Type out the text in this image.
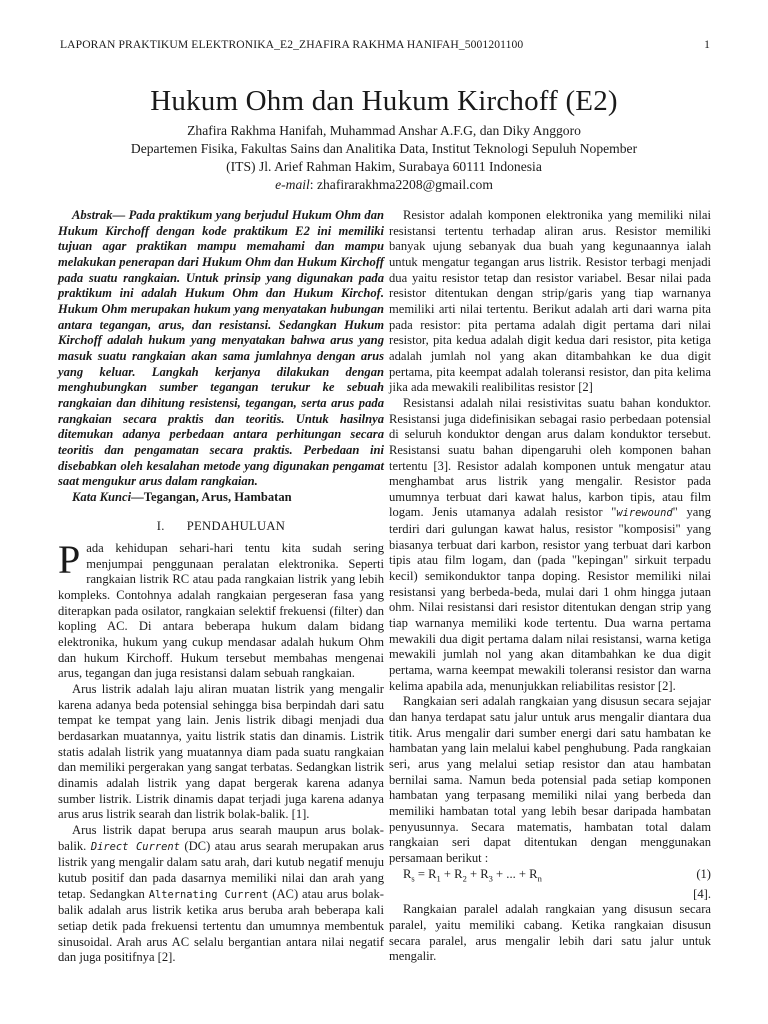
LAPORAN PRAKTIKUM ELEKTRONIKA_E2_ZHAFIRA RAKHMA HANIFAH_5001201100	1
Hukum Ohm dan Hukum Kirchoff (E2)
Zhafira Rakhma Hanifah, Muhammad Anshar A.F.G, dan Diky Anggoro
Departemen Fisika, Fakultas Sains dan Analitika Data, Institut Teknologi Sepuluh Nopember
(ITS) Jl. Arief Rahman Hakim, Surabaya 60111 Indonesia
e-mail: zhafirarakhma2208@gmail.com

Abstrak— Pada praktikum yang berjudul Hukum Ohm dan Hukum Kirchoff dengan kode praktikum E2 ini memiliki tujuan agar praktikan mampu memahami dan mampu melakukan penerapan dari Hukum Ohm dan Hukum Kirchoff pada suatu rangkaian. Untuk prinsip yang digunakan pada praktikum ini adalah Hukum Ohm dan Hukum Kirchof. Hukum Ohm merupakan hukum yang menyatakan hubungan antara tegangan, arus, dan resistansi. Sedangkan Hukum Kirchoff adalah hukum yang menyatakan bahwa arus yang masuk suatu rangkaian akan sama jumlahnya dengan arus yang keluar. Langkah kerjanya dilakukan dengan menghubungkan sumber tegangan terukur ke sebuah rangkaian dan dihitung resistensi, tegangan, serta arus pada rangkaian secara praktis dan teoritis. Untuk hasilnya ditemukan adanya perbedaan antara perhitungan secara teoritis dan pengamatan secara praktis. Perbedaan ini disebabkan oleh kesalahan metode yang digunakan pengamat saat mengukur arus dalam rangkaian.

Kata Kunci—Tegangan, Arus, Hambatan

I. PENDAHULUAN

Pada kehidupan sehari-hari tentu kita sudah sering menjumpai penggunaan peralatan elektronika. Seperti rangkaian listrik RC atau pada rangkaian listrik yang lebih kompleks. Contohnya adalah rangkaian pergeseran fasa yang diterapkan pada osilator, rangkaian selektif frekuensi (filter) dan kopling AC. Di antara beberapa hukum dalam bidang elektronika, hukum yang cukup mendasar adalah hukum Ohm dan hukum Kirchoff. Hukum tersebut membahas mengenai arus, tegangan dan juga resistansi dalam sebuah rangkaian.

Arus listrik adalah laju aliran muatan listrik yang mengalir karena adanya beda potensial sehingga bisa berpindah dari satu tempat ke tempat yang lain. Jenis listrik dibagi menjadi dua berdasarkan muatannya, yaitu listrik statis dan dinamis. Listrik statis adalah listrik yang muatannya diam pada suatu rangkaian dan memiliki pergerakan yang sangat terbatas. Sedangkan listrik dinamis adalah listrik yang dapat bergerak karena adanya sumber listrik. Listrik dinamis dapat terjadi juga karena adanya arus arus listrik searah dan listrik bolak-balik. [1].

Arus listrik dapat berupa arus searah maupun arus bolak-balik. Direct Current (DC) atau arus searah merupakan arus listrik yang mengalir dalam satu arah, dari kutub negatif menuju kutub positif dan pada dasarnya memiliki nilai dan arah yang tetap. Sedangkan Alternating Current (AC) atau arus bolak-balik adalah arus listrik ketika arus beruba arah beberapa kali setiap detik pada frekuensi tertentu dan umumnya membentuk sinusoidal. Arah arus AC selalu bergantian antara nilai negatif dan juga positifnya [2].

Resistor adalah komponen elektronika yang memiliki nilai resistansi tertentu terhadap aliran arus. Resistor memiliki banyak ujung sebanyak dua buah yang kegunaannya ialah untuk mengatur tegangan arus listrik. Resistor terbagi menjadi dua yaitu resistor tetap dan resistor variabel. Besar nilai pada resistor ditentukan dengan strip/garis yang tiap warnanya memiliki arti nilai tertentu. Berikut adalah arti dari warna pita pada resistor: pita pertama adalah digit pertama dari nilai resistor, pita kedua adalah digit kedua dari resistor, pita ketiga adalah jumlah nol yang akan ditambahkan ke dua digit pertama, pita keempat adalah toleransi resistor, dan pita kelima jika ada mewakili realibilitas resistor [2]

Resistansi adalah nilai resistivitas suatu bahan konduktor. Resistansi juga didefinisikan sebagai rasio perbedaan potensial di seluruh konduktor dengan arus dalam konduktor tersebut. Resistansi suatu bahan dipengaruhi oleh komponen bahan tertentu [3]. Resistor adalah komponen untuk mengatur atau menghambat arus listrik yang mengalir. Resistor pada umumnya terbuat dari kawat halus, karbon tipis, atau film logam. Jenis utamanya adalah resistor "wirewound" yang terdiri dari gulungan kawat halus, resistor "komposisi" yang biasanya terbuat dari karbon, resistor yang terbuat dari karbon tipis atau film logam, dan (pada "kepingan" sirkuit terpadu kecil) semikonduktor tanpa doping. Resistor memiliki nilai resistansi yang berbeda-beda, mulai dari 1 ohm hingga jutaan ohm. Nilai resistansi dari resistor ditentukan dengan strip yang tiap warnanya memiliki kode tertentu. Dua warna pertama mewakili dua digit pertama dalam nilai resistansi, warna ketiga mewakili jumlah nol yang akan ditambahkan ke dua digit pertama, warna keempat mewakili toleransi resistor dan warna kelima apabila ada, menunjukkan reliabilitas resistor [2].

Rangkaian seri adalah rangkaian yang disusun secara sejajar dan hanya terdapat satu jalur untuk arus mengalir diantara dua titik. Arus mengalir dari sumber energi dari satu hambatan ke hambatan yang lain melalui kabel penghubung. Pada rangkaian seri, arus yang melalui setiap resistor dan atau hambatan bernilai sama. Namun beda potensial pada setiap komponen hambatan yang terpasang memiliki nilai yang berbeda dan memiliki hambatan total yang lebih besar daripada hambatan penyusunnya. Secara matematis, hambatan total dalam rangkaian seri dapat ditentukan dengan menggunakan persamaan berikut :

$R_s = R_1 + R_2 + R_3$ + ... + $R_n$	(1)

[4].

Rangkaian paralel adalah rangkaian yang disusun secara paralel, yaitu memiliki cabang. Ketika rangkaian disusun secara paralel, arus mengalir lebih dari satu jalur untuk mengalir.
